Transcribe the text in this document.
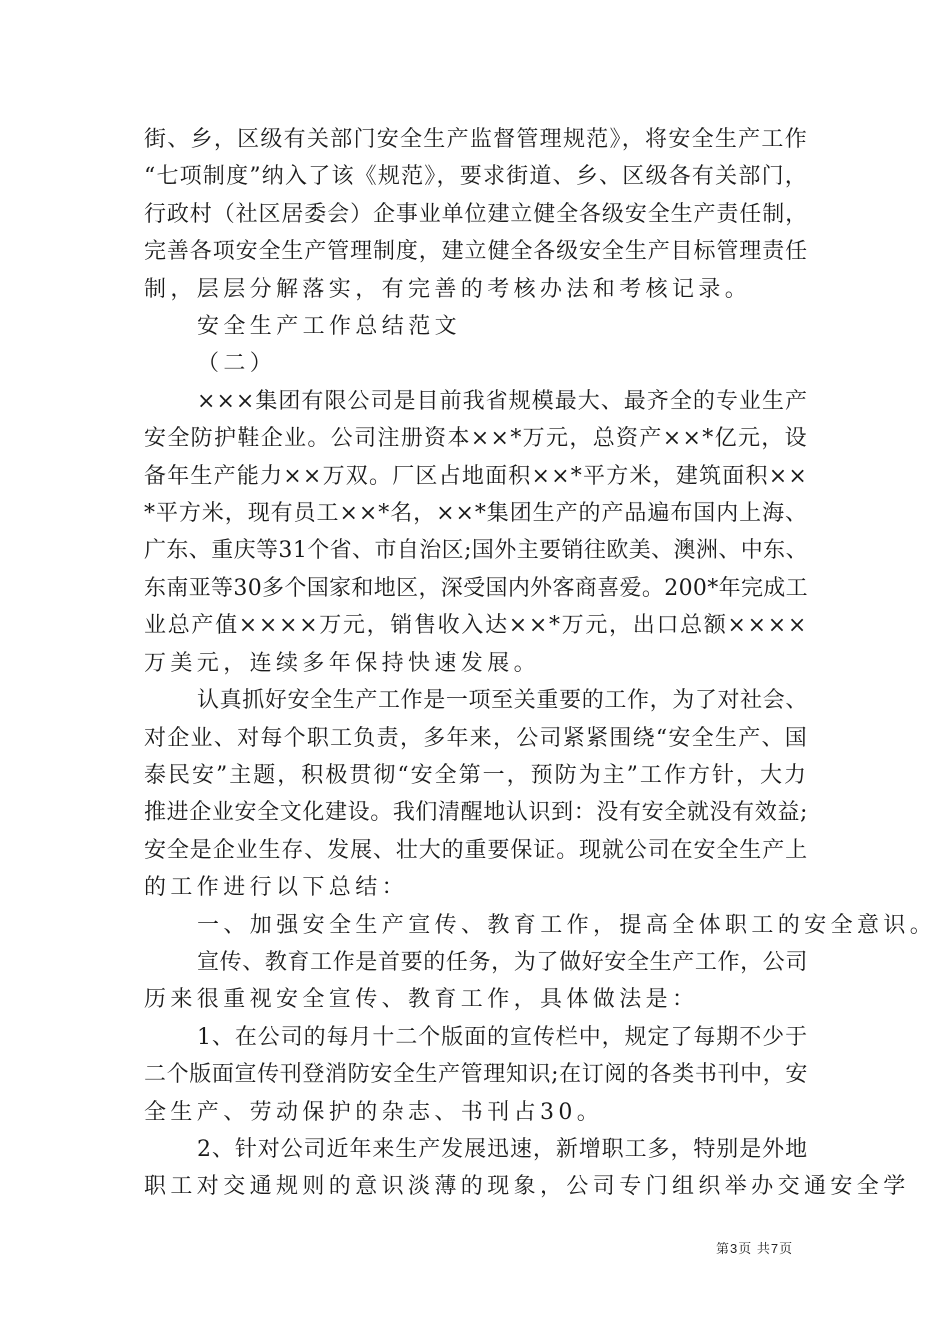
街、乡，区级有关部门安全生产监督管理规范》，将安全生产工作
“七项制度”纳入了该《规范》，要求街道、乡、区级各有关部门，
行政村（社区居委会）企事业单位建立健全各级安全生产责任制，
完善各项安全生产管理制度，建立健全各级安全生产目标管理责任
制，层层分解落实，有完善的考核办法和考核记录。
安全生产工作总结范文
（二）
×××集团有限公司是目前我省规模最大、最齐全的专业生产
安全防护鞋企业。公司注册资本××*万元，总资产××*亿元，设
备年生产能力××万双。厂区占地面积××*平方米，建筑面积××
*平方米，现有员工××*名，××*集团生产的产品遍布国内上海、
广东、重庆等31个省、市自治区;国外主要销往欧美、澳洲、中东、
东南亚等30多个国家和地区，深受国内外客商喜爱。200*年完成工
业总产值××××万元，销售收入达××*万元，出口总额××××
万美元，连续多年保持快速发展。
认真抓好安全生产工作是一项至关重要的工作，为了对社会、
对企业、对每个职工负责，多年来，公司紧紧围绕“安全生产、国
泰民安”主题，积极贯彻“安全第一，预防为主”工作方针，大力
推进企业安全文化建设。我们清醒地认识到：没有安全就没有效益;
安全是企业生存、发展、壮大的重要保证。现就公司在安全生产上
的工作进行以下总结：
一、加强安全生产宣传、教育工作，提高全体职工的安全意识。
宣传、教育工作是首要的任务，为了做好安全生产工作，公司
历来很重视安全宣传、教育工作，具体做法是：
1、在公司的每月十二个版面的宣传栏中，规定了每期不少于
二个版面宣传刊登消防安全生产管理知识;在订阅的各类书刊中，安
全生产、劳动保护的杂志、书刊占30。
2、针对公司近年来生产发展迅速，新增职工多，特别是外地
职工对交通规则的意识淡薄的现象，公司专门组织举办交通安全学
第3页 共7页
